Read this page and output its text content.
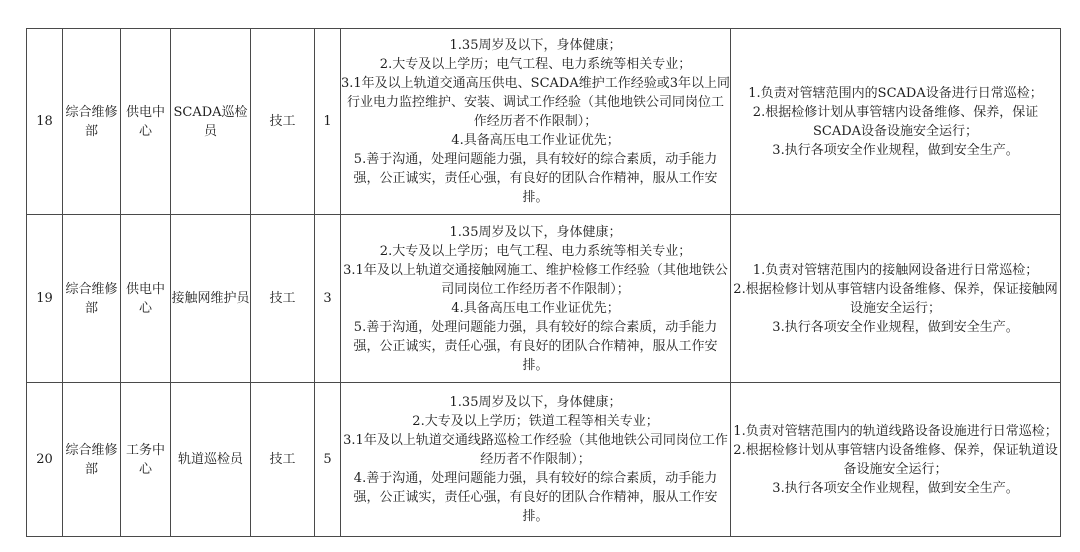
18	综合维修部	供电中心	SCADA巡检员	技工	1	1.35周岁及以下，身体健康；
2.大专及以上学历；电气工程、电力系统等相关专业；
3.1年及以上轨道交通高压供电、SCADA维护工作经验或3年以上同行业电力监控维护、安装、调试工作经验（其他地铁公司同岗位工作经历者不作限制）；
4.具备高压电工作业证优先；
5.善于沟通，处理问题能力强，具有较好的综合素质，动手能力强，公正诚实，责任心强，有良好的团队合作精神，服从工作安排。	1.负责对管辖范围内的SCADA设备进行日常巡检；
2.根据检修计划从事管辖内设备维修、保养，保证SCADA设备设施安全运行；
3.执行各项安全作业规程，做到安全生产。

19	综合维修部	供电中心	接触网维护员	技工	3	1.35周岁及以下，身体健康；
2.大专及以上学历；电气工程、电力系统等相关专业；
3.1年及以上轨道交通接触网施工、维护检修工作经验（其他地铁公司同岗位工作经历者不作限制）；
4.具备高压电工作业证优先；
5.善于沟通，处理问题能力强，具有较好的综合素质，动手能力强，公正诚实，责任心强，有良好的团队合作精神，服从工作安排。	1.负责对管辖范围内的接触网设备进行日常巡检；
2.根据检修计划从事管辖内设备维修、保养，保证接触网设施安全运行；
3.执行各项安全作业规程，做到安全生产。

20	综合维修部	工务中心	轨道巡检员	技工	5	1.35周岁及以下，身体健康；
2.大专及以上学历；铁道工程等相关专业；
3.1年及以上轨道交通线路巡检工作经验（其他地铁公司同岗位工作经历者不作限制）；
4.善于沟通，处理问题能力强，具有较好的综合素质，动手能力强，公正诚实，责任心强，有良好的团队合作精神，服从工作安排。	1.负责对管辖范围内的轨道线路设备设施进行日常巡检；
2.根据检修计划从事管辖内设备维修、保养，保证轨道设备设施安全运行；
3.执行各项安全作业规程，做到安全生产。
